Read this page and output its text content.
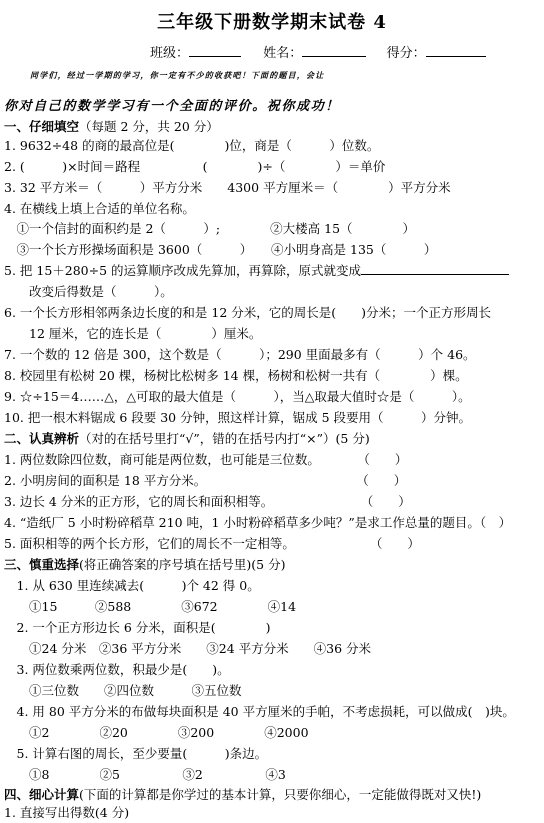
三年级下册数学期末试卷 4
班级：	姓名：	得分：
同学们，经过一学期的学习，你一定有不少的收获吧！下面的题目，会让
你对自己的数学学习有一个全面的评价。祝你成功！
一、仔细填空（每题 2 分，共 20 分）
1. 9632÷48 的商的最高位是(　　　　)位，商是（　　　）位数。
2. (　　　)×时间＝路程　　　　　(　　　　)÷（　　　　）＝单价
3. 32 平方米＝（　　　）平方分米　　4300 平方厘米＝（　　　　）平方分米
4. 在横线上填上合适的单位名称。
　①一个信封的面积约是 2（　　　）;　　　　②大楼高 15（　　　　）
　③一个长方形操场面积是 3600（　　　）　　④小明身高是 135（　　　）
5. 把 15＋280÷5 的运算顺序改成先算加，再算除，原式就变成
　　改变后得数是（　　　）。
6. 一个长方形相邻两条边长度的和是 12 分米，它的周长是(　　)分米；一个正方形周长
　　12 厘米，它的连长是（　　　　）厘米。
7. 一个数的 12 倍是 300，这个数是（　　　）；290 里面最多有（　　　）个 46。
8. 校园里有松树 20 棵，杨树比松树多 14 棵，杨树和松树一共有（　　　　）棵。
9. ☆÷15＝4……△，△可取的最大值是（　　　），当△取最大值时☆是（　　　）。
10. 把一根木料锯成 6 段要 30 分钟，照这样计算，锯成 5 段要用（　　　）分钟。
二、认真辨析（对的在括号里打“√”，错的在括号内打“×”）(5 分)
1. 两位数除四位数，商可能是两位数，也可能是三位数。　　　　（　　）
2. 小明房间的面积是 18 平方分米。　　　　　　　　　　　　　（　　）
3. 边长 4 分米的正方形，它的周长和面积相等。　　　　　　　　（　　）
4. “造纸厂 5 小时粉碎稻草 210 吨，1 小时粉碎稻草多少吨？”是求工作总量的题目。（　）
5. 面积相等的两个长方形，它们的周长不一定相等。　　　　　　　（　　）
三、慎重选择(将正确答案的序号填在括号里)(5 分)
　1. 从 630 里连续减去(　　　)个 42 得 0。
　　①15　　　②588　　　　③672　　　　④14
　2. 一个正方形边长 6 分米，面积是(　　　　)
　　①24 分米　②36 平方分米　　③24 平方分米　　④36 分米
　3. 两位数乘两位数，积最少是(　　)。
　　①三位数　　②四位数　　　③五位数
　4. 用 80 平方分米的布做每块面积是 40 平方厘米的手帕，不考虑损耗，可以做成(　)块。
　　①2　　　　②20　　　　③200　　　　④2000
　5. 计算右图的周长，至少要量(　　　)条边。
　　①8　　　　②5　　　　　③2　　　　　④3
四、细心计算(下面的计算都是你学过的基本计算，只要你细心，一定能做得既对又快!)
1. 直接写出得数(4 分)
